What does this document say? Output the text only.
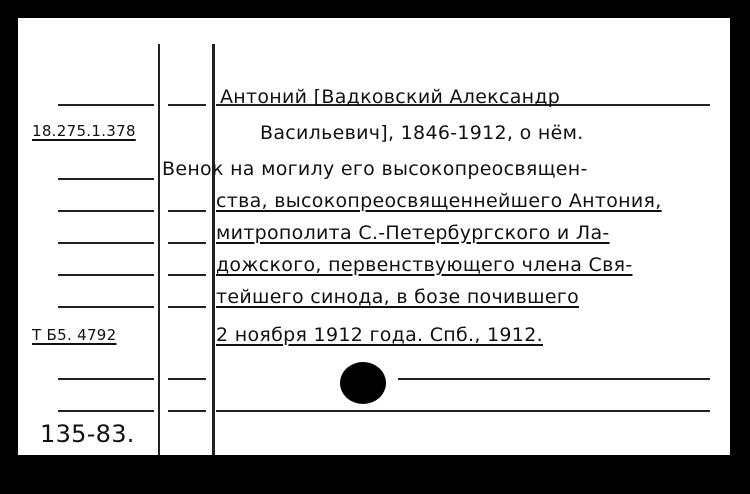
18.275.1.378
Т Б5. 4792
135-83.
Антоний [Вадковский Александр
Васильевич], 1846-1912, о нём.
Венок на могилу его высокопреосвящен-
ства, высокопреосвященнейшего Антония,
митрополита С.-Петербургского и Ла-
дожского, первенствующего члена Свя-
тейшего синода, в бозе почившего
2 ноября 1912 года. Спб., 1912.
